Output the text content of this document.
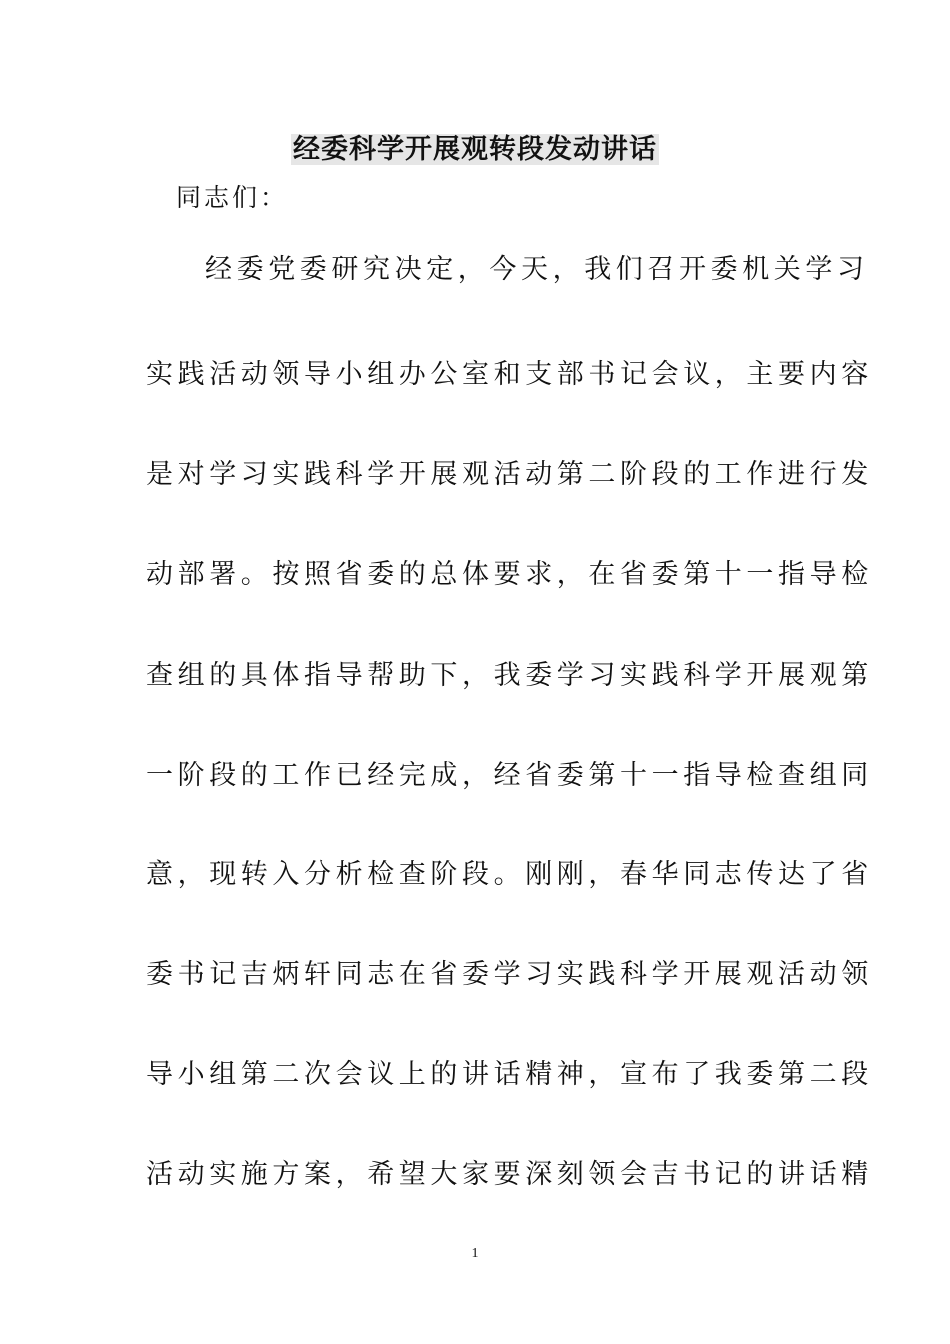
经委科学开展观转段发动讲话
同志们：
经委党委研究决定，今天，我们召开委机关学习
实践活动领导小组办公室和支部书记会议，主要内容
是对学习实践科学开展观活动第二阶段的工作进行发
动部署。按照省委的总体要求，在省委第十一指导检
查组的具体指导帮助下，我委学习实践科学开展观第
一阶段的工作已经完成，经省委第十一指导检查组同
意，现转入分析检查阶段。刚刚，春华同志传达了省
委书记吉炳轩同志在省委学习实践科学开展观活动领
导小组第二次会议上的讲话精神，宣布了我委第二段
活动实施方案，希望大家要深刻领会吉书记的讲话精
1
